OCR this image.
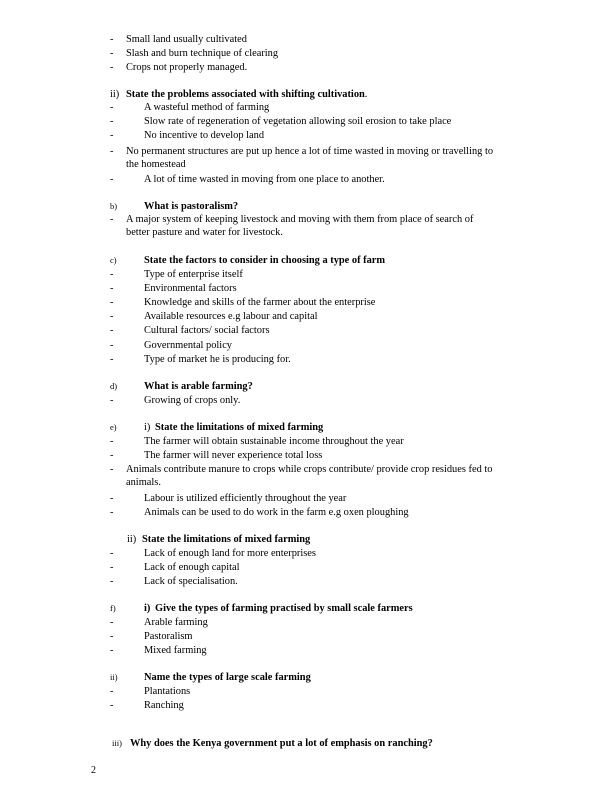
- Small land usually cultivated
- Slash and burn technique of clearing
- Crops not properly managed.
ii) State the problems associated with shifting cultivation.
-	A wasteful method of farming
-	Slow rate of regeneration of vegetation allowing soil erosion to take place
-	No incentive to develop land
- No permanent structures are put up hence a lot of time wasted in moving or travelling to
the homestead
-	A lot of time wasted in moving from one place to another.
b)	What is pastoralism?
- A major system of keeping livestock and moving with them from place of search of
better pasture and water for livestock.
c)	State the factors to consider in choosing a type of farm
-	Type of enterprise itself
-	Environmental factors
-	Knowledge and skills of the farmer about the enterprise
-	Available resources e.g labour and capital
-	Cultural factors/ social factors
-	Governmental policy
-	Type of market he is producing for.
d)	What is arable farming?
-	Growing of crops only.
e)	i) State the limitations of mixed farming
-	The farmer will obtain sustainable income throughout the year
-	The farmer will never experience total loss
- Animals contribute manure to crops while crops contribute/ provide crop residues fed to
animals.
-	Labour is utilized efficiently throughout the year
-	Animals can be used to do work in the farm e.g oxen ploughing
ii) State the limitations of mixed farming
-	Lack of enough land for more enterprises
-	Lack of enough capital
-	Lack of specialisation.
f)	i) Give the types of farming practised by small scale farmers
-	Arable farming
-	Pastoralism
-	Mixed farming
ii)	Name the types of large scale farming
-	Plantations
-	Ranching
iii) Why does the Kenya government put a lot of emphasis on ranching?
2
